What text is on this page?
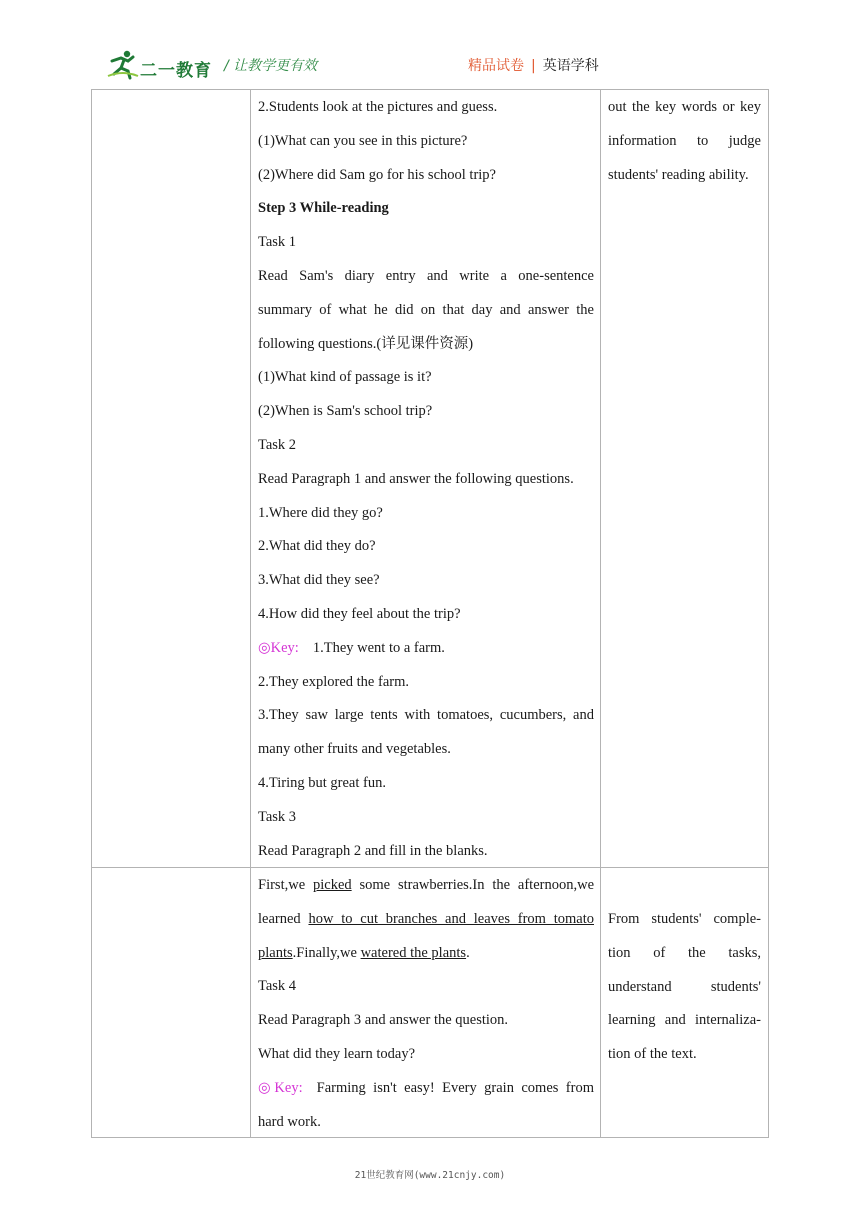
二一教育 / 让教学更有效	精品试卷 | 英语学科

2.Students look at the pictures and guess.

(1)What can you see in this picture?

(2)Where did Sam go for his school trip?

Step 3 While-reading

Task 1

Read Sam's diary entry and write a one-sentence summary of what he did on that day and answer the following questions.(详见课件资源)

(1)What kind of passage is it?

(2)When is Sam's school trip?

Task 2

Read Paragraph 1 and answer the following questions.

1.Where did they go?

2.What did they do?

3.What did they see?

4.How did they feel about the trip?

◎Key: 1.They went to a farm.

2.They explored the farm.

3.They saw large tents with tomatoes, cucumbers, and many other fruits and vegetables.

4.Tiring but great fun.

Task 3

Read Paragraph 2 and fill in the blanks.

out the key words or key information to judge students' reading ability.

First,we picked some strawberries.In the afternoon,we learned how to cut branches and leaves from tomato plants.Finally,we watered the plants.

Task 4

Read Paragraph 3 and answer the question.

What did they learn today?

◎Key: Farming isn't easy! Every grain comes from hard work.

From students' comple-tion of the tasks, understand students' learning and internaliza-tion of the text.

21世纪教育网(www.21cnjy.com)
